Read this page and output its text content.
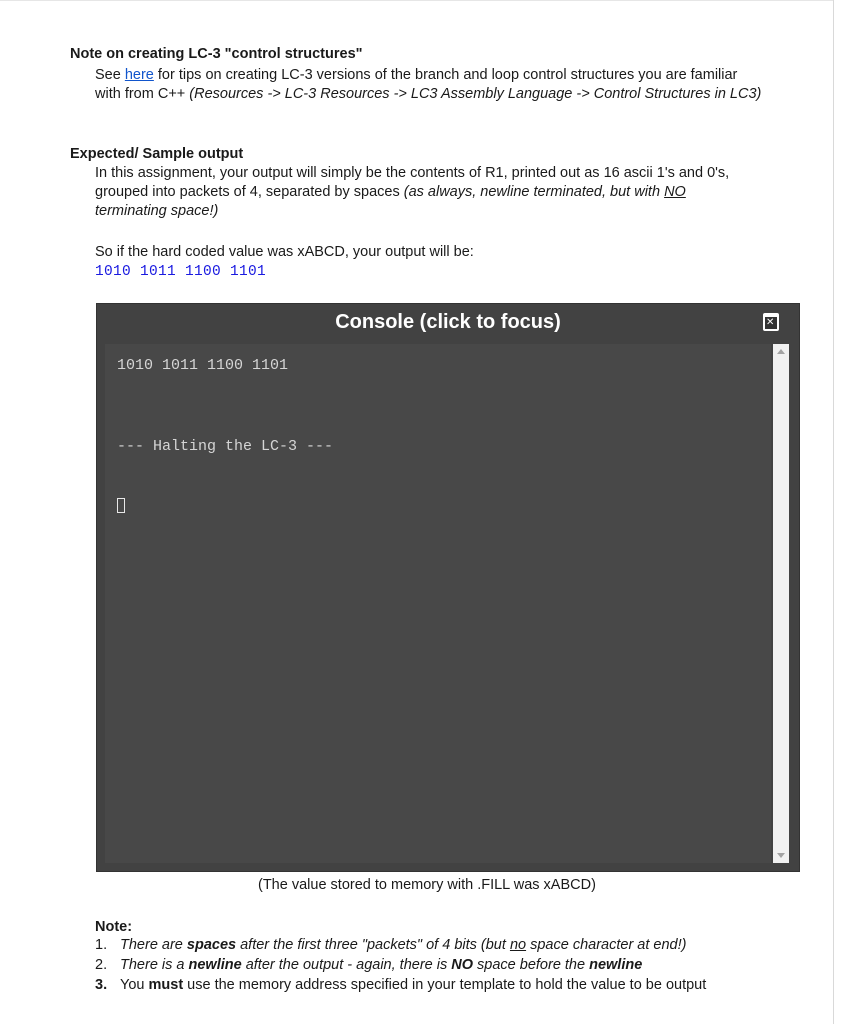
Note on creating LC-3 "control structures"
See here for tips on creating LC-3 versions of the branch and loop control structures you are familiar
with from C++ (Resources -> LC-3 Resources -> LC3 Assembly Language -> Control Structures in LC3)
Expected/ Sample output
In this assignment, your output will simply be the contents of R1, printed out as 16 ascii 1's and 0's,
grouped into packets of 4, separated by spaces (as always, newline terminated, but with NO
terminating space!)
So if the hard coded value was xABCD, your output will be:
1010 1011 1100 1101
Console (click to focus)
✕
1010 1011 1100 1101
--- Halting the LC-3 ---
(The value stored to memory with .FILL was xABCD)
Note:
1. There are spaces after the first three "packets" of 4 bits (but no space character at end!)
2. There is a newline after the output - again, there is NO space before the newline
3. You must use the memory address specified in your template to hold the value to be output
